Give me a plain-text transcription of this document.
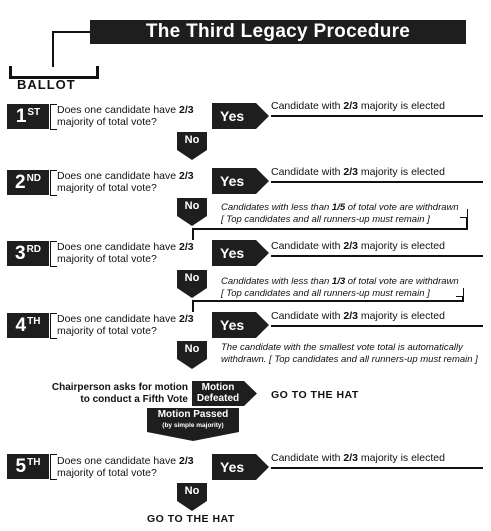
The Third Legacy Procedure
BALLOT
1ST	Does one candidate have 2/3
majority of total vote?	Yes
Candidate with 2/3 majority is elected
No
2ND	Does one candidate have 2/3
majority of total vote?	Yes
Candidate with 2/3 majority is elected
No	Candidates with less than 1/5 of total vote are withdrawn
[ Top candidates and all runners-up must remain ]
3RD	Does one candidate have 2/3
majority of total vote?	Yes	Candidate with 2/3 majority is elected
No	Candidates with less than 1/3 of total vote are withdrawn
[ Top candidates and all runners-up must remain ]
4TH	Does one candidate have 2/3
majority of total vote?	Yes
Candidate with 2/3 majority is elected
No	The candidate with the smallest vote total is automatically
withdrawn. [ Top candidates and all runners-up must remain ]
Chairperson asks for motion
to conduct a Fifth Vote
Motion
Defeated	GO TO THE HAT
Motion Passed
(by simple majority)
5TH	Does one candidate have 2/3
majority of total vote?	Yes
Candidate with 2/3 majority is elected
No
GO TO THE HAT
